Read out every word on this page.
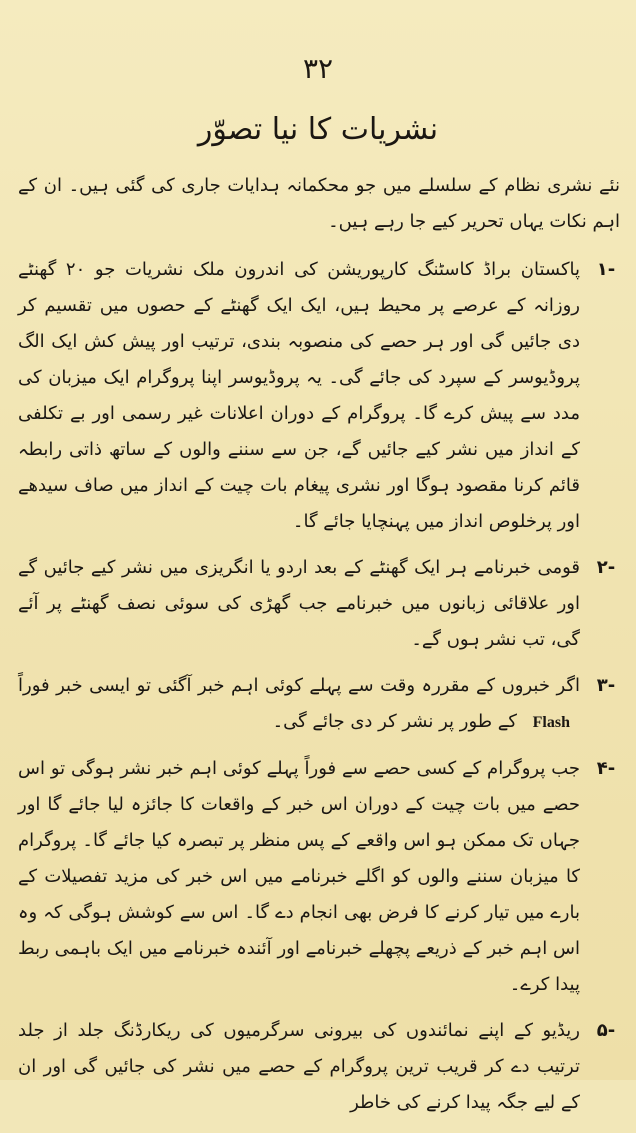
۳۲
نشریات کا نیا تصوّر

نئے نشری نظام کے سلسلے میں جو محکمانہ ہدایات جاری کی گئی ہیں۔ ان کے اہم نکات یہاں تحریر کیے جا رہے ہیں۔

-۱
پاکستان براڈ کاسٹنگ کارپوریشن کی اندرون ملک نشریات جو ۲۰ گھنٹے روزانہ کے عرصے پر محیط ہیں، ایک ایک گھنٹے کے حصوں میں تقسیم کر دی جائیں گی اور ہر حصے کی منصوبہ بندی، ترتیب اور پیش کش ایک الگ پروڈیوسر کے سپرد کی جائے گی۔ یہ پروڈیوسر اپنا پروگرام ایک میزبان کی مدد سے پیش کرے گا۔ پروگرام کے دوران اعلانات غیر رسمی اور بے تکلفی کے انداز میں نشر کیے جائیں گے، جن سے سننے والوں کے ساتھ ذاتی رابطہ قائم کرنا مقصود ہوگا اور نشری پیغام بات چیت کے انداز میں صاف سیدھے اور پرخلوص انداز میں پہنچایا جائے گا۔
-۲
قومی خبرنامے ہر ایک گھنٹے کے بعد اردو یا انگریزی میں نشر کیے جائیں گے اور علاقائی زبانوں میں خبرنامے جب گھڑی کی سوئی نصف گھنٹے پر آئے گی، تب نشر ہوں گے۔
-۳
اگر خبروں کے مقررہ وقت سے پہلے کوئی اہم خبر آگئی تو ایسی خبر فوراً Flash کے طور پر نشر کر دی جائے گی۔
-۴
جب پروگرام کے کسی حصے سے فوراً پہلے کوئی اہم خبر نشر ہوگی تو اس حصے میں بات چیت کے دوران اس خبر کے واقعات کا جائزہ لیا جائے گا اور جہاں تک ممکن ہو اس واقعے کے پس منظر پر تبصرہ کیا جائے گا۔ پروگرام کا میزبان سننے والوں کو اگلے خبرنامے میں اس خبر کی مزید تفصیلات کے بارے میں تیار کرنے کا فرض بھی انجام دے گا۔ اس سے کوشش ہوگی کہ وہ اس اہم خبر کے ذریعے پچھلے خبرنامے اور آئندہ خبرنامے میں ایک باہمی ربط پیدا کرے۔
-۵
ریڈیو کے اپنے نمائندوں کی بیرونی سرگرمیوں کی ریکارڈنگ جلد از جلد ترتیب دے کر قریب ترین پروگرام کے حصے میں نشر کی جائیں گی اور ان کے لیے جگہ پیدا کرنے کی خاطر
